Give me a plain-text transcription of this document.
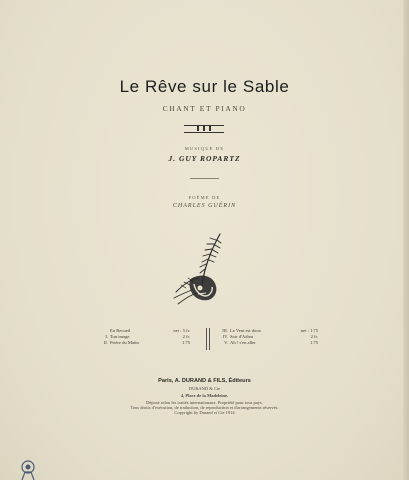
Le Rêve sur le Sable
CHANT ET PIANO
MUSIQUE DE
J. GUY ROPARTZ
POÈME DE
CHARLES GUÉRIN
En Recueil	net : 5 fr.
I. Ton image	2 fr.
II. Prière du Matin	1.75
III. Le Vent est doux	net : 1.75
IV. Soir d'Adieu	2 fr.
V. Ah ! s'en aller	1.75
Paris, A. DURAND & FILS, Éditeurs
DURAND & Cie
4, Place de la Madeleine.
Déposé selon les traités internationaux. Propriété pour tous pays.
Tous droits d'exécution, de traduction, de reproduction et d'arrangements réservés.
Copyright by Durand et Cie 1914
